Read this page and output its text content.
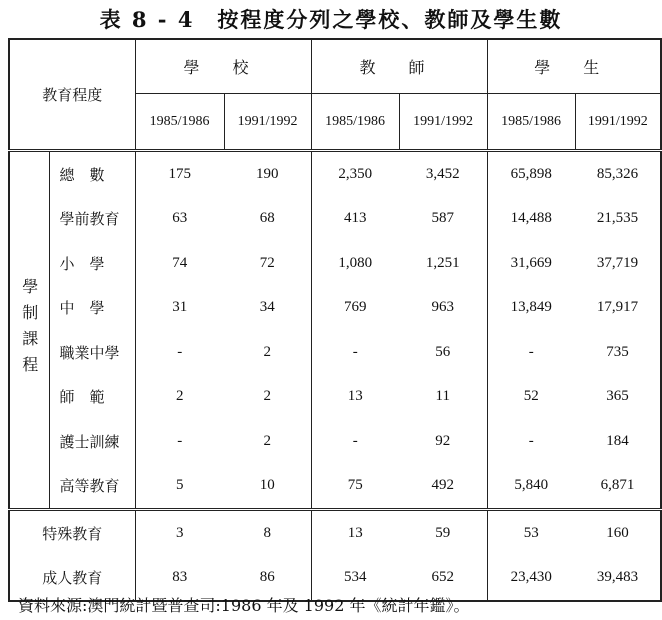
表 8 - 4　按程度分列之學校、教師及學生數
教育程度		學 校		教 師		學 生	
		1985/1986	1991/1992	1985/1986	1991/1992	1985/1986	1991/1992
學制課程	總　數	175	190	2,350	3,452	65,898	85,326
	學前教育	63	68	413	587	14,488	21,535
	小　學	74	72	1,080	1,251	31,669	37,719
	中　學	31	34	769	963	13,849	17,917
	職業中學	-	2	-	56	-	735
	師　範	2	2	13	11	52	365
	護士訓練	-	2	-	92	-	184
	高等教育	5	10	75	492	5,840	6,871
特殊教育		3	8	13	59	53	160
成人教育		83	86	534	652	23,430	39,483
資料來源:澳門統計暨普查司:1986 年及 1992 年《統計年鑑》。
